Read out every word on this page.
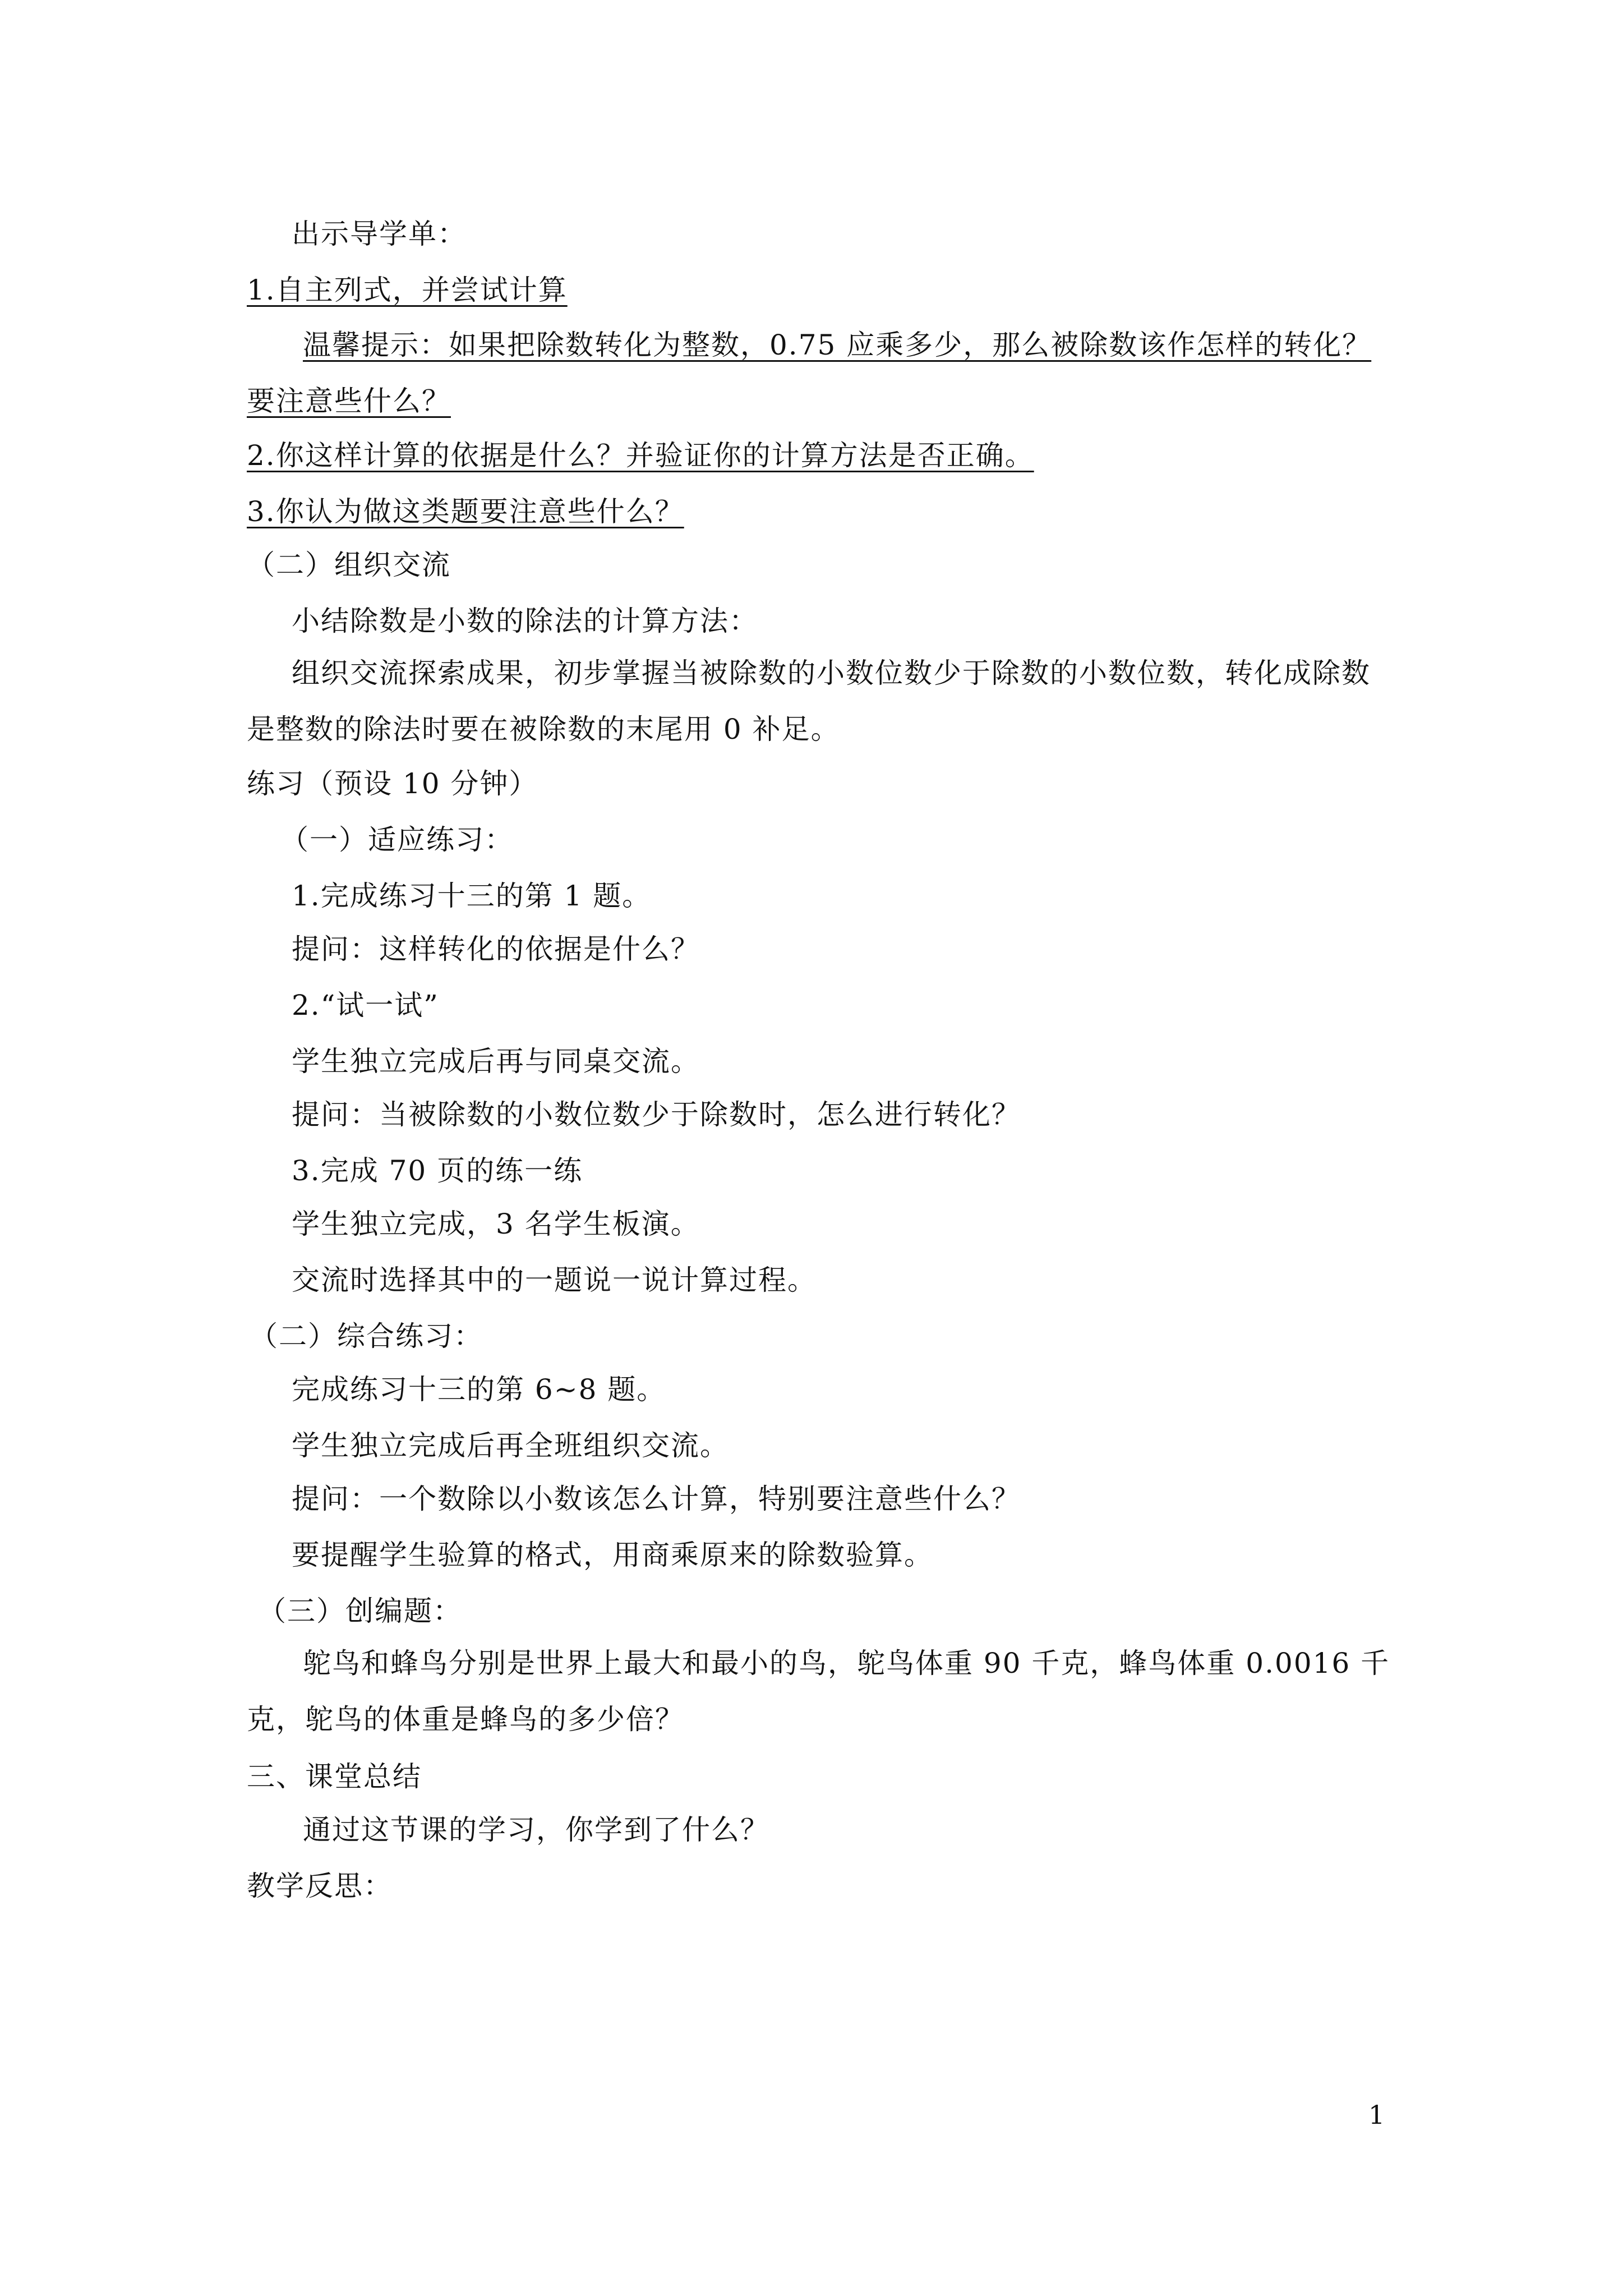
出示导学单：
1.自主列式，并尝试计算
温馨提示：如果把除数转化为整数，0.75 应乘多少，那么被除数该作怎样的转化？要注意些什么？
2.你这样计算的依据是什么？并验证你的计算方法是否正确。
3.你认为做这类题要注意些什么？
（二）组织交流
小结除数是小数的除法的计算方法：
组织交流探索成果，初步掌握当被除数的小数位数少于除数的小数位数，转化成除数是整数的除法时要在被除数的末尾用 0 补足。
练习（预设 10 分钟）
（一）适应练习：
1.完成练习十三的第 1 题。
提问：这样转化的依据是什么？
2.“试一试”
学生独立完成后再与同桌交流。
提问：当被除数的小数位数少于除数时，怎么进行转化？
3.完成 70 页的练一练
学生独立完成，3 名学生板演。
交流时选择其中的一题说一说计算过程。
（二）综合练习：
完成练习十三的第 6~8 题。
学生独立完成后再全班组织交流。
提问：一个数除以小数该怎么计算，特别要注意些什么？
要提醒学生验算的格式，用商乘原来的除数验算。
（三）创编题：
鸵鸟和蜂鸟分别是世界上最大和最小的鸟，鸵鸟体重 90 千克，蜂鸟体重 0.0016 千克，鸵鸟的体重是蜂鸟的多少倍？
三、课堂总结
通过这节课的学习，你学到了什么？
教学反思：
1
